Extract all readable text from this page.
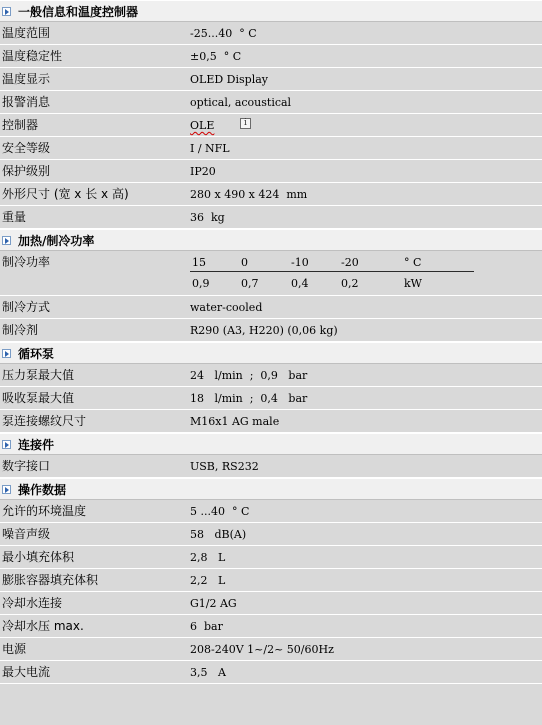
一般信息和温度控制器
温度范围	-25...40  ° C
温度稳定性	±0,5  ° C
温度显示	OLED Display
报警消息	optical, acoustical
控制器	OLE	i
安全等级	I / NFL
保护级别	IP20
外形尺寸 (宽 x 长 x 高)	280 x 490 x 424  mm
重量	36  kg
加热/制冷功率
制冷功率	15	0	-10	-20	° C
0,9	0,7	0,4	0,2	kW
制冷方式	water-cooled
制冷剂	R290 (A3, H220) (0,06 kg)
循环泵
压力泵最大值	24   l/min  ;  0,9   bar
吸收泵最大值	18   l/min  ;  0,4   bar
泵连接螺纹尺寸	M16x1 AG male
连接件
数字接口	USB, RS232
操作数据
允许的环境温度	5 ...40  ° C
噪音声级	58   dB(A)
最小填充体积	2,8   L
膨胀容器填充体积	2,2   L
冷却水连接	G1/2 AG
冷却水压 max.	6  bar
电源	208-240V 1~/2~ 50/60Hz
最大电流	3,5   A
